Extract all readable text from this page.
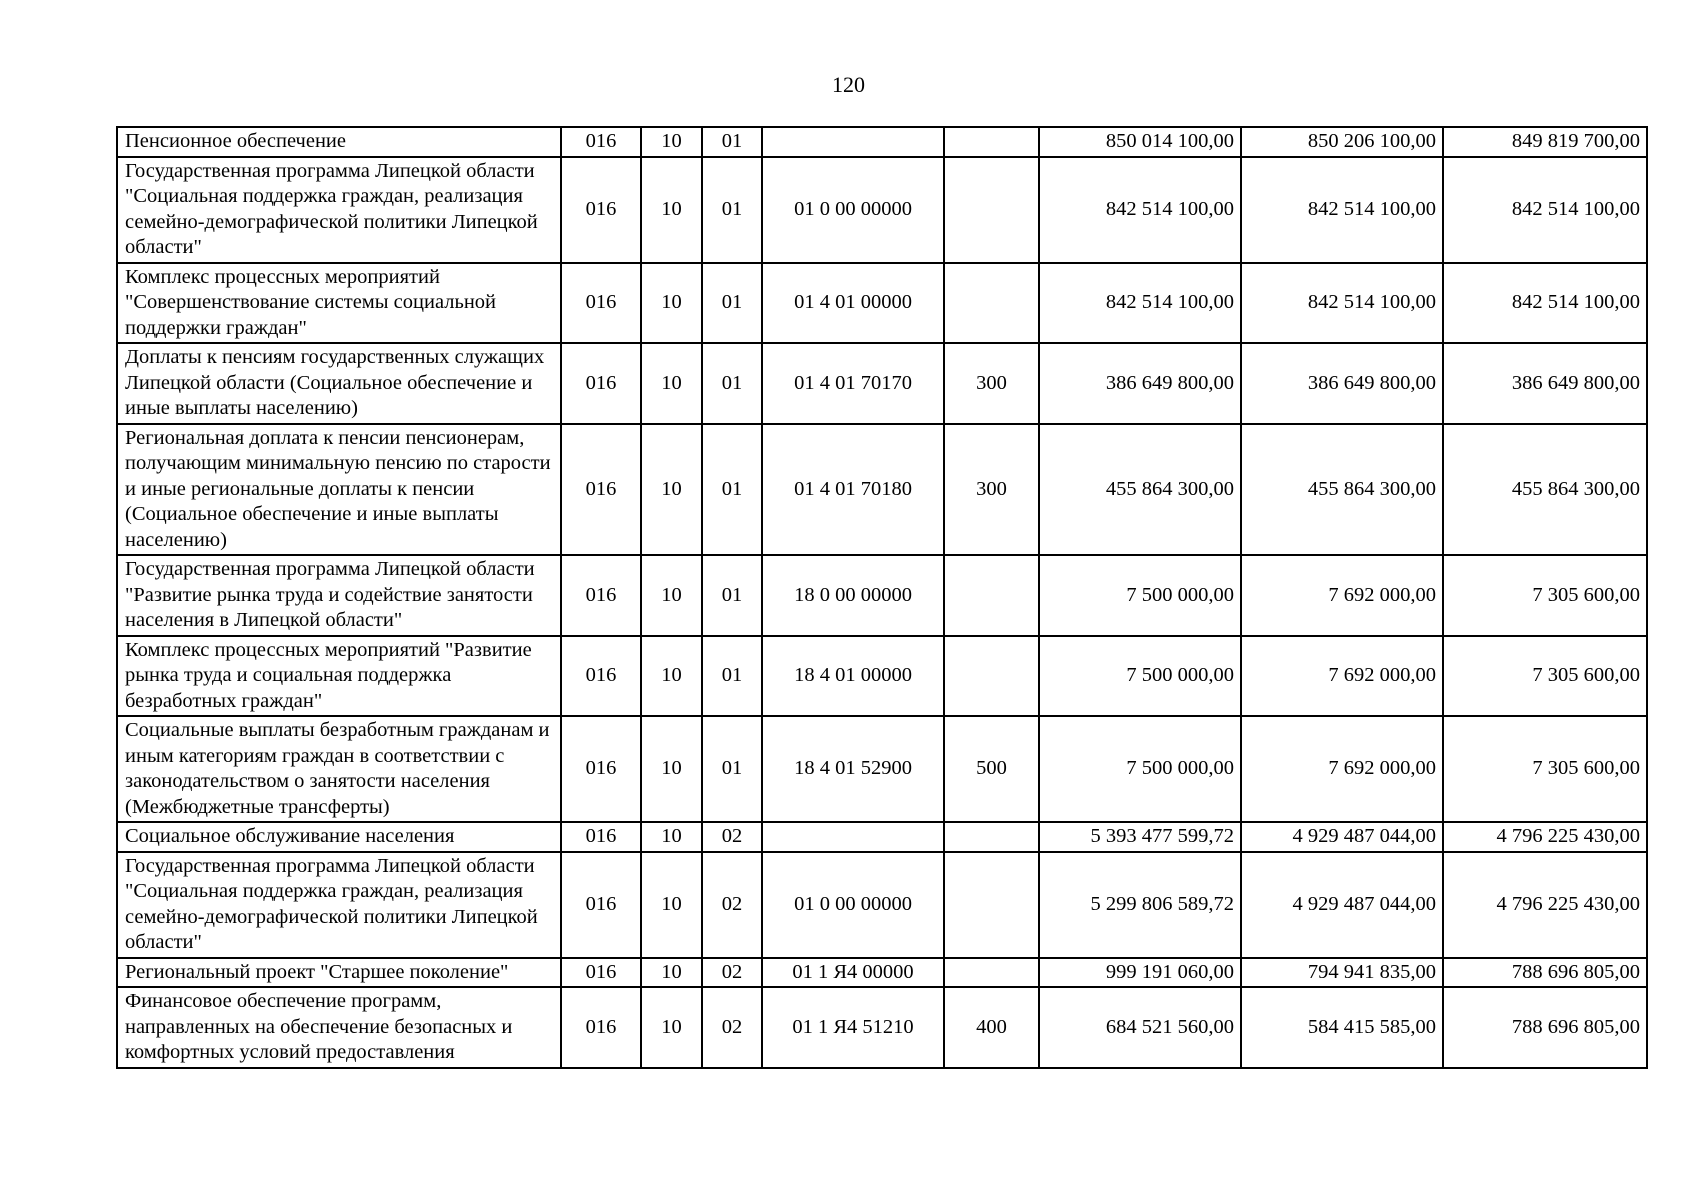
120
Пенсионное обеспечение	016	10	01			850 014 100,00	850 206 100,00	849 819 700,00
Государственная программа Липецкой области "Социальная поддержка граждан, реализация семейно-демографической политики Липецкой области"	016	10	01	01 0 00 00000		842 514 100,00	842 514 100,00	842 514 100,00
Комплекс процессных мероприятий "Совершенствование системы социальной поддержки граждан"	016	10	01	01 4 01 00000		842 514 100,00	842 514 100,00	842 514 100,00
Доплаты к пенсиям государственных служащих Липецкой области (Социальное обеспечение и иные выплаты населению)	016	10	01	01 4 01 70170	300	386 649 800,00	386 649 800,00	386 649 800,00
Региональная доплата к пенсии пенсионерам, получающим минимальную пенсию по старости и иные региональные доплаты к пенсии (Социальное обеспечение и иные выплаты населению)	016	10	01	01 4 01 70180	300	455 864 300,00	455 864 300,00	455 864 300,00
Государственная программа Липецкой области "Развитие рынка труда и содействие занятости населения в Липецкой области"	016	10	01	18 0 00 00000		7 500 000,00	7 692 000,00	7 305 600,00
Комплекс процессных мероприятий "Развитие рынка труда и социальная поддержка безработных граждан"	016	10	01	18 4 01 00000		7 500 000,00	7 692 000,00	7 305 600,00
Социальные выплаты безработным гражданам и иным категориям граждан в соответствии с законодательством о занятости населения (Межбюджетные трансферты)	016	10	01	18 4 01 52900	500	7 500 000,00	7 692 000,00	7 305 600,00
Социальное обслуживание населения	016	10	02			5 393 477 599,72	4 929 487 044,00	4 796 225 430,00
Государственная программа Липецкой области "Социальная поддержка граждан, реализация семейно-демографической политики Липецкой области"	016	10	02	01 0 00 00000		5 299 806 589,72	4 929 487 044,00	4 796 225 430,00
Региональный проект "Старшее поколение"	016	10	02	01 1 Я4 00000		999 191 060,00	794 941 835,00	788 696 805,00
Финансовое обеспечение программ, направленных на обеспечение безопасных и комфортных условий предоставления	016	10	02	01 1 Я4 51210	400	684 521 560,00	584 415 585,00	788 696 805,00
